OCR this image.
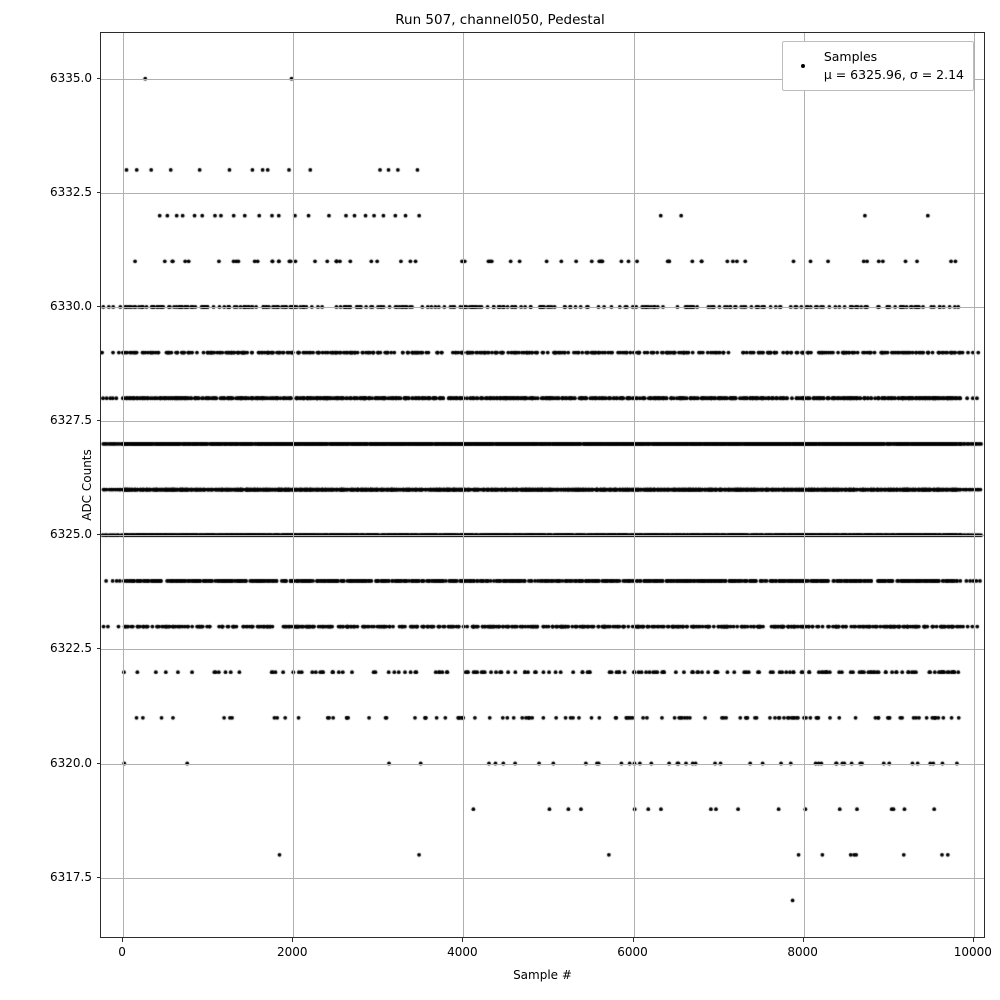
Run 507, channel050, Pedestal
Samples
μ = 6325.96, σ = 2.14
0	2000	4000	6000	8000	10000
6317.5
6320.0
6322.5
6325.0
6327.5
6330.0
6332.5
6335.0
Sample #
ADC Counts
